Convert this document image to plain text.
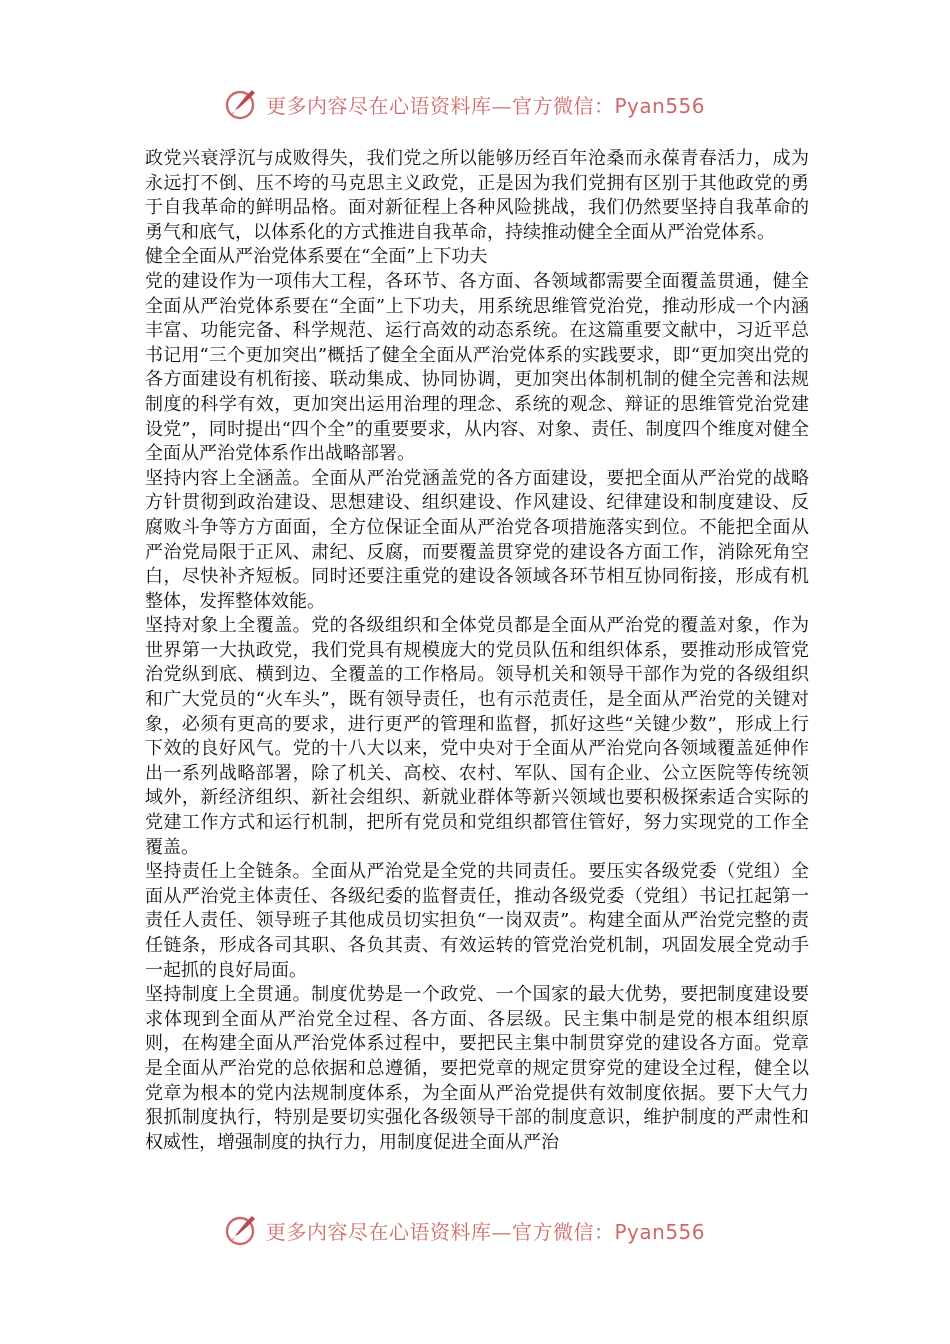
更多内容尽在心语资料库—官方微信：Pyan556

政党兴衰浮沉与成败得失，我们党之所以能够历经百年沧桑而永葆青春活力，成为永远打不倒、压不垮的马克思主义政党，正是因为我们党拥有区别于其他政党的勇于自我革命的鲜明品格。面对新征程上各种风险挑战，我们仍然要坚持自我革命的勇气和底气，以体系化的方式推进自我革命，持续推动健全全面从严治党体系。

健全全面从严治党体系要在“全面”上下功夫

党的建设作为一项伟大工程，各环节、各方面、各领域都需要全面覆盖贯通，健全全面从严治党体系要在“全面”上下功夫，用系统思维管党治党，推动形成一个内涵丰富、功能完备、科学规范、运行高效的动态系统。在这篇重要文献中，习近平总书记用“三个更加突出”概括了健全全面从严治党体系的实践要求，即“更加突出党的各方面建设有机衔接、联动集成、协同协调，更加突出体制机制的健全完善和法规制度的科学有效，更加突出运用治理的理念、系统的观念、辩证的思维管党治党建设党”，同时提出“四个全”的重要要求，从内容、对象、责任、制度四个维度对健全全面从严治党体系作出战略部署。

坚持内容上全涵盖。全面从严治党涵盖党的各方面建设，要把全面从严治党的战略方针贯彻到政治建设、思想建设、组织建设、作风建设、纪律建设和制度建设、反腐败斗争等方方面面，全方位保证全面从严治党各项措施落实到位。不能把全面从严治党局限于正风、肃纪、反腐，而要覆盖贯穿党的建设各方面工作，消除死角空白，尽快补齐短板。同时还要注重党的建设各领域各环节相互协同衔接，形成有机整体，发挥整体效能。

坚持对象上全覆盖。党的各级组织和全体党员都是全面从严治党的覆盖对象，作为世界第一大执政党，我们党具有规模庞大的党员队伍和组织体系，要推动形成管党治党纵到底、横到边、全覆盖的工作格局。领导机关和领导干部作为党的各级组织和广大党员的“火车头”，既有领导责任，也有示范责任，是全面从严治党的关键对象，必须有更高的要求，进行更严的管理和监督，抓好这些“关键少数”，形成上行下效的良好风气。党的十八大以来，党中央对于全面从严治党向各领域覆盖延伸作出一系列战略部署，除了机关、高校、农村、军队、国有企业、公立医院等传统领域外，新经济组织、新社会组织、新就业群体等新兴领域也要积极探索适合实际的党建工作方式和运行机制，把所有党员和党组织都管住管好，努力实现党的工作全覆盖。

坚持责任上全链条。全面从严治党是全党的共同责任。要压实各级党委（党组）全面从严治党主体责任、各级纪委的监督责任，推动各级党委（党组）书记扛起第一责任人责任、领导班子其他成员切实担负“一岗双责”。构建全面从严治党完整的责任链条，形成各司其职、各负其责、有效运转的管党治党机制，巩固发展全党动手一起抓的良好局面。

坚持制度上全贯通。制度优势是一个政党、一个国家的最大优势，要把制度建设要求体现到全面从严治党全过程、各方面、各层级。民主集中制是党的根本组织原则，在构建全面从严治党体系过程中，要把民主集中制贯穿党的建设各方面。党章是全面从严治党的总依据和总遵循，要把党章的规定贯穿党的建设全过程，健全以党章为根本的党内法规制度体系，为全面从严治党提供有效制度依据。要下大气力狠抓制度执行，特别是要切实强化各级领导干部的制度意识，维护制度的严肃性和权威性，增强制度的执行力，用制度促进全面从严治

更多内容尽在心语资料库—官方微信：Pyan556
